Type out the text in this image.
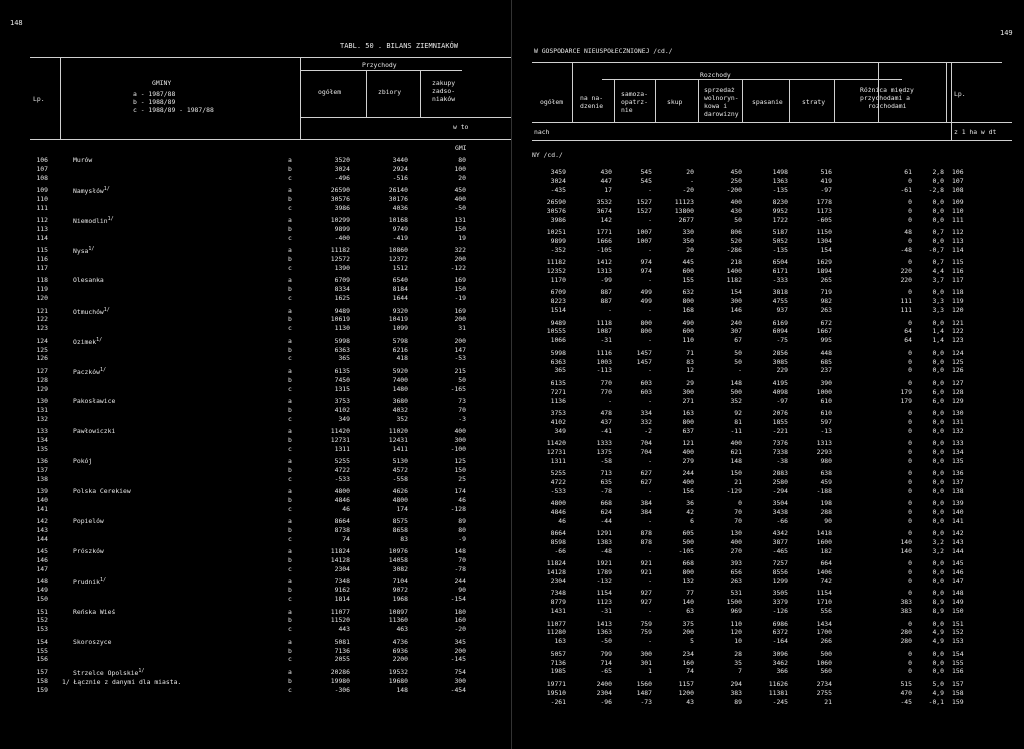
148
TABL. 50 . BILANS ZIEMNIAKÓW
Lp.
GMINY
a - 1987/88
b - 1988/89
c - 1988/89 - 1987/88
Przychody
ogółem	zbiory
zakupy
zadso-
niaków
w to
GMI
Murów
106	a	3520	3440	80
107	b	3024	2924	100
108	c	-496	-516	20
Namysłów$^{1/}$
109	a	26590	26140	450
110	b	30576	30176	400
111	c	3986	4036	-50
Niemodlin$^{1/}$
112	a	10299	10168	131
113	b	9899	9749	150
114	c	-400	-419	19
Nysa$^{1/}$
115	a	11182	10860	322
116	b	12572	12372	200
117	c	1390	1512	-122
Olesanka
118	a	6709	6540	169
119	b	8334	8184	150
120	c	1625	1644	-19
Otmuchów$^{1/}$
121	a	9489	9320	169
122	b	10619	10419	200
123	c	1130	1099	31
Ozimek$^{1/}$
124	a	5998	5798	200
125	b	6363	6216	147
126	c	365	418	-53
Paczków$^{1/}$
127	a	6135	5920	215
128	b	7450	7400	50
129	c	1315	1480	-165
Pakosławice
130	a	3753	3680	73
131	b	4102	4032	70
132	c	349	352	-3
Pawłowiczki
133	a	11420	11020	400
134	b	12731	12431	300
135	c	1311	1411	-100
Pokój
136	a	5255	5130	125
137	b	4722	4572	150
138	c	-533	-558	25
Polska Cerekiew
139	a	4800	4626	174
140	b	4846	4800	46
141	c	46	174	-128
Popielów
142	a	8664	8575	89
143	b	8738	8658	80
144	c	74	83	-9
Prószków
145	a	11824	10976	148
146	b	14128	14058	70
147	c	2304	3082	-78
Prudnik$^{1/}$
148	a	7348	7104	244
149	b	9162	9072	90
150	c	1814	1968	-154
Reńska Wieś
151	a	11077	10897	180
152	b	11520	11360	160
153	c	443	463	-20
Skoroszyce
154	a	5081	4736	345
155	b	7136	6936	200
156	c	2055	2200	-145
Strzelce Opolskie$^{1/}$
157	a	20286	19532	754
158	b	19980	19680	300
159	c	-306	148	-454
1/ Łącznie z danymi dla miasta.
149
W GOSPODARCE NIEUSPOŁECZNIONEJ /cd./
Rozchody
ogółem	na na-
dzenie
samoza-
opatrz-
nie
skup
sprzedaż
wolnoryn-
kowa i
darowizny
spasanie	straty
Różnica między
przychodami a
rozchodami
Lp.
nach	z 1 ha w dt
NY /cd./
3459	430	545	20	450	1498	516	61	2,8 106
3024	447	545	-	250	1363	419	0	0,0 107
-435	17	-	-20	-200	-135	-97	-61	-2,8 108
26590	3532	1527	11123	400	8230	1778	0	0,0 109
30576	3674	1527	13800	430	9952	1173	0	0,0 110
3986	142	-	2677	50	1722	-605	0	0,0 111
10251	1771	1007	330	806	5187	1150	48	0,7 112
9899	1666	1007	350	520	5052	1304	0	0,0 113
-352	-105	-	20	-286	-135	154	-48	-0,7 114
11182	1412	974	445	218	6504	1629	0	0,7 115
12352	1313	974	600	1400	6171	1894	220	4,4 116
1170	-99	-	155	1182	-333	265	220	3,7 117
6709	887	499	632	154	3818	719	0	0,0 118
8223	887	499	800	300	4755	982	111	3,3 119
1514	-	-	168	146	937	263	111	3,3 120
9489	1118	800	490	240	6169	672	0	0,0 121
10555	1087	800	600	307	6094	1667	64	1,4 122
1066	-31	-	110	67	-75	995	64	1,4 123
5998	1116	1457	71	50	2856	448	0	0,0 124
6363	1003	1457	83	50	3085	685	0	0,0 125
365	-113	-	12	-	229	237	0	0,0 126
6135	770	603	29	148	4195	390	0	0,0 127
7271	770	603	300	500	4098	1000	179	6,0 128
1136	-	-	271	352	-97	610	179	6,0 129
3753	478	334	163	92	2076	610	0	0,0 130
4102	437	332	800	81	1855	597	0	0,0 131
349	-41	-2	637	-11	-221	-13	0	0,0 132
11420	1333	704	121	400	7376	1313	0	0,0 133
12731	1375	704	400	621	7338	2293	0	0,0 134
1311	-58	-	279	148	-38	980	0	0,0 135
5255	713	627	244	150	2883	638	0	0,0 136
4722	635	627	400	21	2580	459	0	0,0 137
-533	-78	-	156	-129	-294	-188	0	0,0 138
4800	668	384	36	0	3504	198	0	0,0 139
4846	624	384	42	70	3438	288	0	0,0 140
46	-44	-	6	70	-66	90	0	0,0 141
8664	1291	878	605	130	4342	1418	0	0,0 142
8598	1383	878	500	400	3877	1600	140	3,2 143
-66	-48	-	-105	270	-465	182	140	3,2 144
11824	1921	921	668	393	7257	664	0	0,0 145
14128	1789	921	800	656	8556	1406	0	0,0 146
2304	-132	-	132	263	1299	742	0	0,0 147
7348	1154	927	77	531	3505	1154	0	0,0 148
8779	1123	927	140	1500	3379	1710	383	8,9 149
1431	-31	-	63	969	-126	556	383	8,9 150
11077	1413	759	375	110	6986	1434	0	0,0 151
11280	1363	759	200	120	6372	1700	280	4,9 152
163	-50	-	5	10	-164	266	280	4,9 153
5057	799	300	234	28	3096	500	0	0,0 154
7136	714	301	160	35	3462	1060	0	0,0 155
1985	-65	1	74	7	366	560	0	0,0 156
19771	2400	1560	1157	294	11626	2734	515	5,0 157
19510	2304	1487	1200	383	11381	2755	470	4,9 158
-261	-96	-73	43	89	-245	21	-45	-0,1 159
